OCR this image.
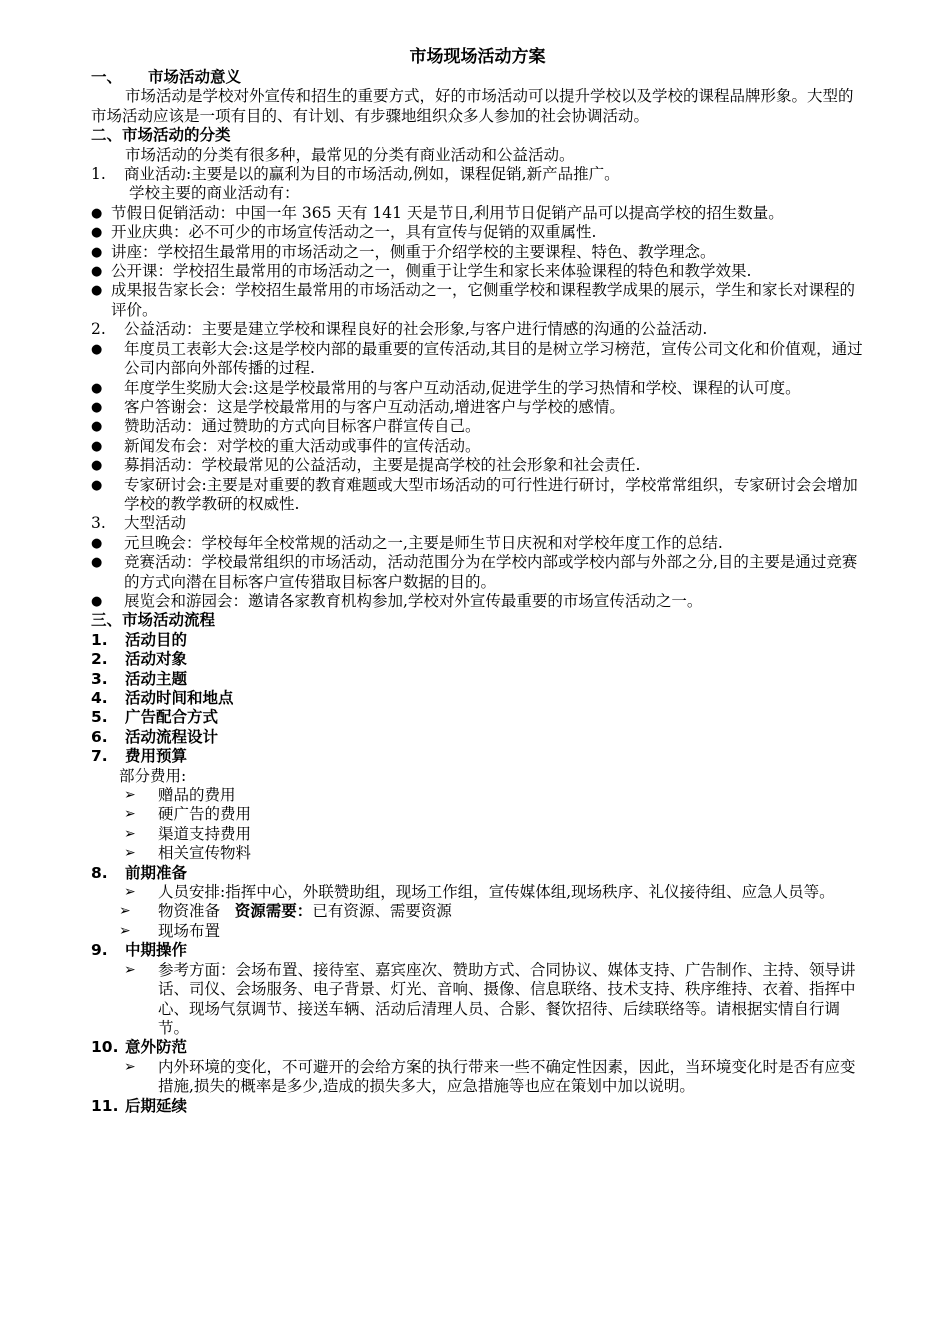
市场现场活动方案

一、 市场活动意义

市场活动是学校对外宣传和招生的重要方式，好的市场活动可以提升学校以及学校的课程品牌形象。大型的市场活动应该是一项有目的、有计划、有步骤地组织众多人参加的社会协调活动。

二、市场活动的分类

市场活动的分类有很多种，最常见的分类有商业活动和公益活动。

1.	商业活动:主要是以的赢利为目的市场活动,例如，课程促销,新产品推广。

学校主要的商业活动有：

● 节假日促销活动：中国一年 365 天有 141 天是节日,利用节日促销产品可以提高学校的招生数量。
● 开业庆典：必不可少的市场宣传活动之一，具有宣传与促销的双重属性.
● 讲座：学校招生最常用的市场活动之一，侧重于介绍学校的主要课程、特色、教学理念。
● 公开课：学校招生最常用的市场活动之一，侧重于让学生和家长来体验课程的特色和教学效果.
● 成果报告家长会：学校招生最常用的市场活动之一，它侧重学校和课程教学成果的展示，学生和家长对课程的评价。
2.	公益活动：主要是建立学校和课程良好的社会形象,与客户进行情感的沟通的公益活动.
●	年度员工表彰大会:这是学校内部的最重要的宣传活动,其目的是树立学习榜范，宣传公司文化和价值观，通过公司内部向外部传播的过程.
●	年度学生奖励大会:这是学校最常用的与客户互动活动,促进学生的学习热情和学校、课程的认可度。
●	客户答谢会：这是学校最常用的与客户互动活动,增进客户与学校的感情。
●	赞助活动：通过赞助的方式向目标客户群宣传自己。
●	新闻发布会：对学校的重大活动或事件的宣传活动。
●	募捐活动：学校最常见的公益活动，主要是提高学校的社会形象和社会责任.
●	专家研讨会:主要是对重要的教育难题或大型市场活动的可行性进行研讨，学校常常组织，专家研讨会会增加学校的教学教研的权威性.
3.	大型活动
●	元旦晚会：学校每年全校常规的活动之一,主要是师生节日庆祝和对学校年度工作的总结.
●	竞赛活动：学校最常组织的市场活动，活动范围分为在学校内部或学校内部与外部之分,目的主要是通过竞赛的方式向潜在目标客户宣传猎取目标客户数据的目的。
●	展览会和游园会：邀请各家教育机构参加,学校对外宣传最重要的市场宣传活动之一。

三、市场活动流程

1.	活动目的
2.	活动对象
3.	活动主题
4.	活动时间和地点
5.	广告配合方式
6.	活动流程设计
7.	费用预算

部分费用:

➢	赠品的费用
➢	硬广告的费用
➢	渠道支持费用
➢	相关宣传物料
8.	前期准备
➢	人员安排:指挥中心，外联赞助组，现场工作组，宣传媒体组,现场秩序、礼仪接待组、应急人员等。
➢	物资准备 资源需要：已有资源、需要资源
➢	现场布置
9.	中期操作
➢	参考方面：会场布置、接待室、嘉宾座次、赞助方式、合同协议、媒体支持、广告制作、主持、领导讲话、司仪、会场服务、电子背景、灯光、音响、摄像、信息联络、技术支持、秩序维持、衣着、指挥中心、现场气氛调节、接送车辆、活动后清理人员、合影、餐饮招待、后续联络等。请根据实情自行调节。
10. 意外防范
➢	内外环境的变化，不可避开的会给方案的执行带来一些不确定性因素，因此，当环境变化时是否有应变措施,损失的概率是多少,造成的损失多大，应急措施等也应在策划中加以说明。
11. 后期延续
